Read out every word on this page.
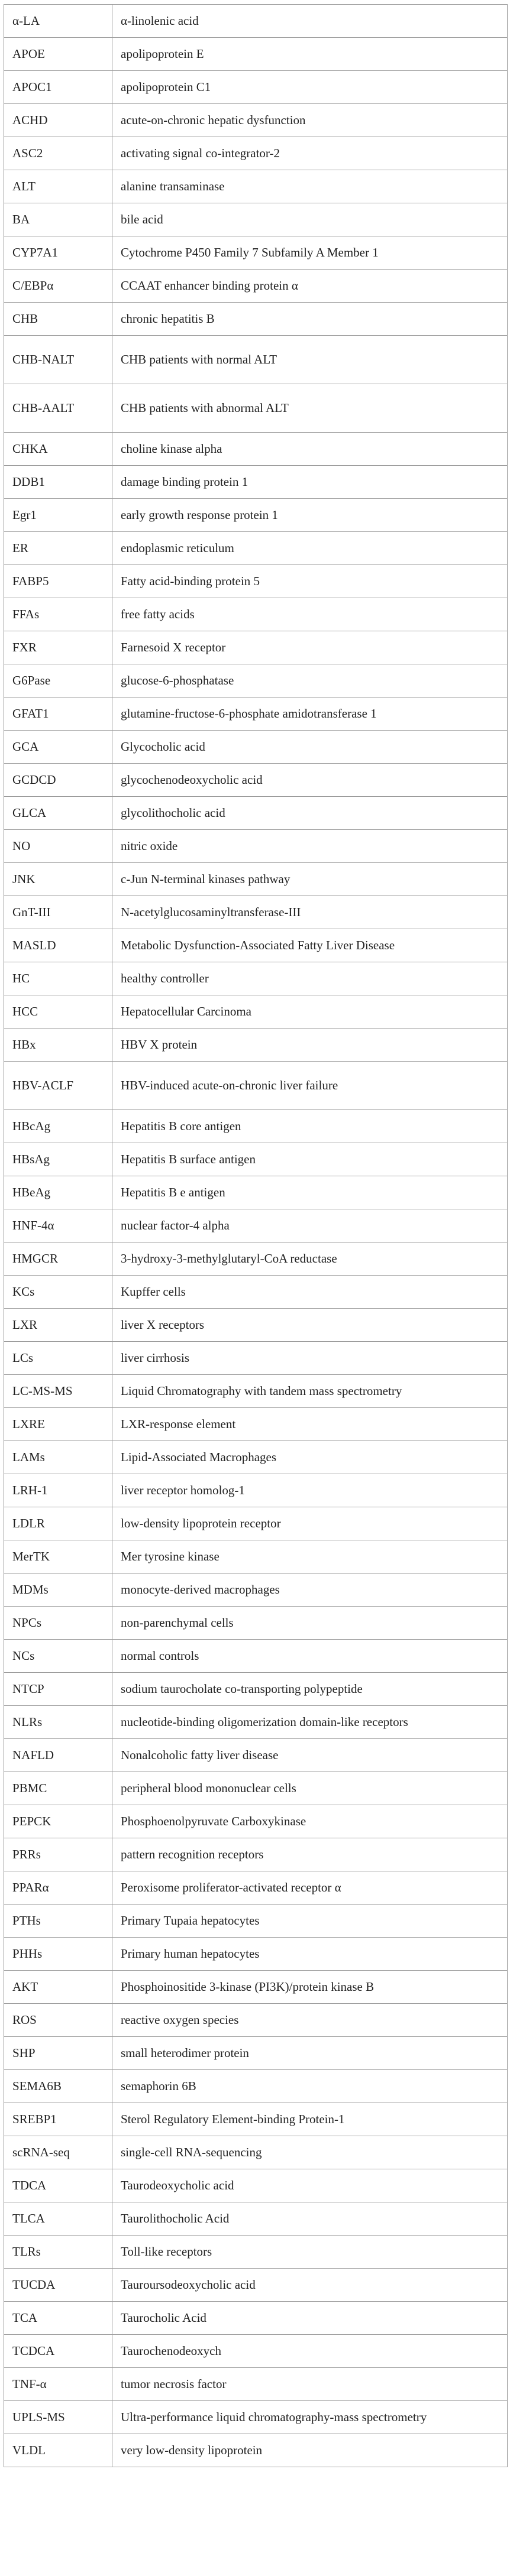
α-LA	α-linolenic acid
APOE	apolipoprotein E
APOC1	apolipoprotein C1
ACHD	acute-on-chronic hepatic dysfunction
ASC2	activating signal co-integrator-2
ALT	alanine transaminase
BA	bile acid
CYP7A1	Cytochrome P450 Family 7 Subfamily A Member 1
C/EBPα	CCAAT enhancer binding protein α
CHB	chronic hepatitis B
CHB-NALT	CHB patients with normal ALT
CHB-AALT	CHB patients with abnormal ALT
CHKA	choline kinase alpha
DDB1	damage binding protein 1
Egr1	early growth response protein 1
ER	endoplasmic reticulum
FABP5	Fatty acid-binding protein 5
FFAs	free fatty acids
FXR	Farnesoid X receptor
G6Pase	glucose-6-phosphatase
GFAT1	glutamine-fructose-6-phosphate amidotransferase 1
GCA	Glycocholic acid
GCDCD	glycochenodeoxycholic acid
GLCA	glycolithocholic acid
NO	nitric oxide
JNK	c-Jun N-terminal kinases pathway
GnT-III	N-acetylglucosaminyltransferase-III
MASLD	Metabolic Dysfunction-Associated Fatty Liver Disease
HC	healthy controller
HCC	Hepatocellular Carcinoma
HBx	HBV X protein
HBV-ACLF	HBV-induced acute-on-chronic liver failure
HBcAg	Hepatitis B core antigen
HBsAg	Hepatitis B surface antigen
HBeAg	Hepatitis B e antigen
HNF-4α	nuclear factor-4 alpha
HMGCR	3-hydroxy-3-methylglutaryl-CoA reductase
KCs	Kupffer cells
LXR	liver X receptors
LCs	liver cirrhosis
LC-MS-MS	Liquid Chromatography with tandem mass spectrometry
LXRE	LXR-response element
LAMs	Lipid-Associated Macrophages
LRH-1	liver receptor homolog-1
LDLR	low-density lipoprotein receptor
MerTK	Mer tyrosine kinase
MDMs	monocyte-derived macrophages
NPCs	non-parenchymal cells
NCs	normal controls
NTCP	sodium taurocholate co-transporting polypeptide
NLRs	nucleotide-binding oligomerization domain-like receptors
NAFLD	Nonalcoholic fatty liver disease
PBMC	peripheral blood mononuclear cells
PEPCK	Phosphoenolpyruvate Carboxykinase
PRRs	pattern recognition receptors
PPARα	Peroxisome proliferator-activated receptor α
PTHs	Primary Tupaia hepatocytes
PHHs	Primary human hepatocytes
AKT	Phosphoinositide 3-kinase (PI3K)/protein kinase B
ROS	reactive oxygen species
SHP	small heterodimer protein
SEMA6B	semaphorin 6B
SREBP1	Sterol Regulatory Element-binding Protein-1
scRNA-seq	single-cell RNA-sequencing
TDCA	Taurodeoxycholic acid
TLCA	Taurolithocholic Acid
TLRs	Toll-like receptors
TUCDA	Tauroursodeoxycholic acid
TCA	Taurocholic Acid
TCDCA	Taurochenodeoxych
TNF-α	tumor necrosis factor
UPLS-MS	Ultra-performance liquid chromatography-mass spectrometry
VLDL	very low-density lipoprotein
